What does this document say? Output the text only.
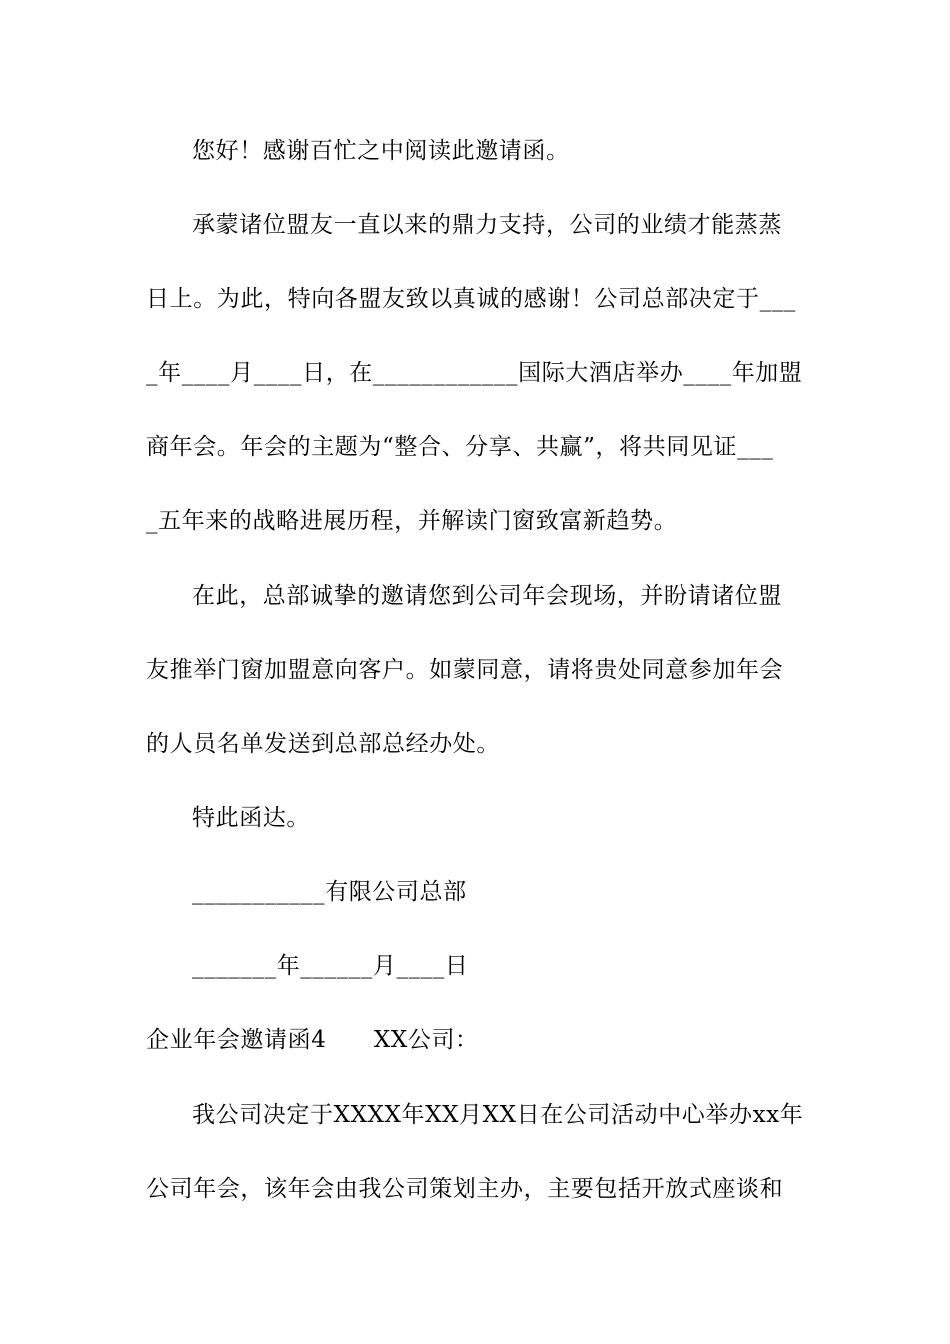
您好！感谢百忙之中阅读此邀请函。
承蒙诸位盟友一直以来的鼎力支持，公司的业绩才能蒸蒸
日上。为此，特向各盟友致以真诚的感谢！公司总部决定于___
_年____月____日，在____________国际大酒店举办____年加盟
商年会。年会的主题为“整合、分享、共赢”，将共同见证___
_五年来的战略进展历程，并解读门窗致富新趋势。
在此，总部诚挚的邀请您到公司年会现场，并盼请诸位盟
友推举门窗加盟意向客户。如蒙同意，请将贵处同意参加年会
的人员名单发送到总部总经办处。
特此函达。
___________有限公司总部
_______年______月____日
企业年会邀请函4      XX公司：
我公司决定于XXXX年XX月XX日在公司活动中心举办xx年
公司年会，该年会由我公司策划主办，主要包括开放式座谈和
